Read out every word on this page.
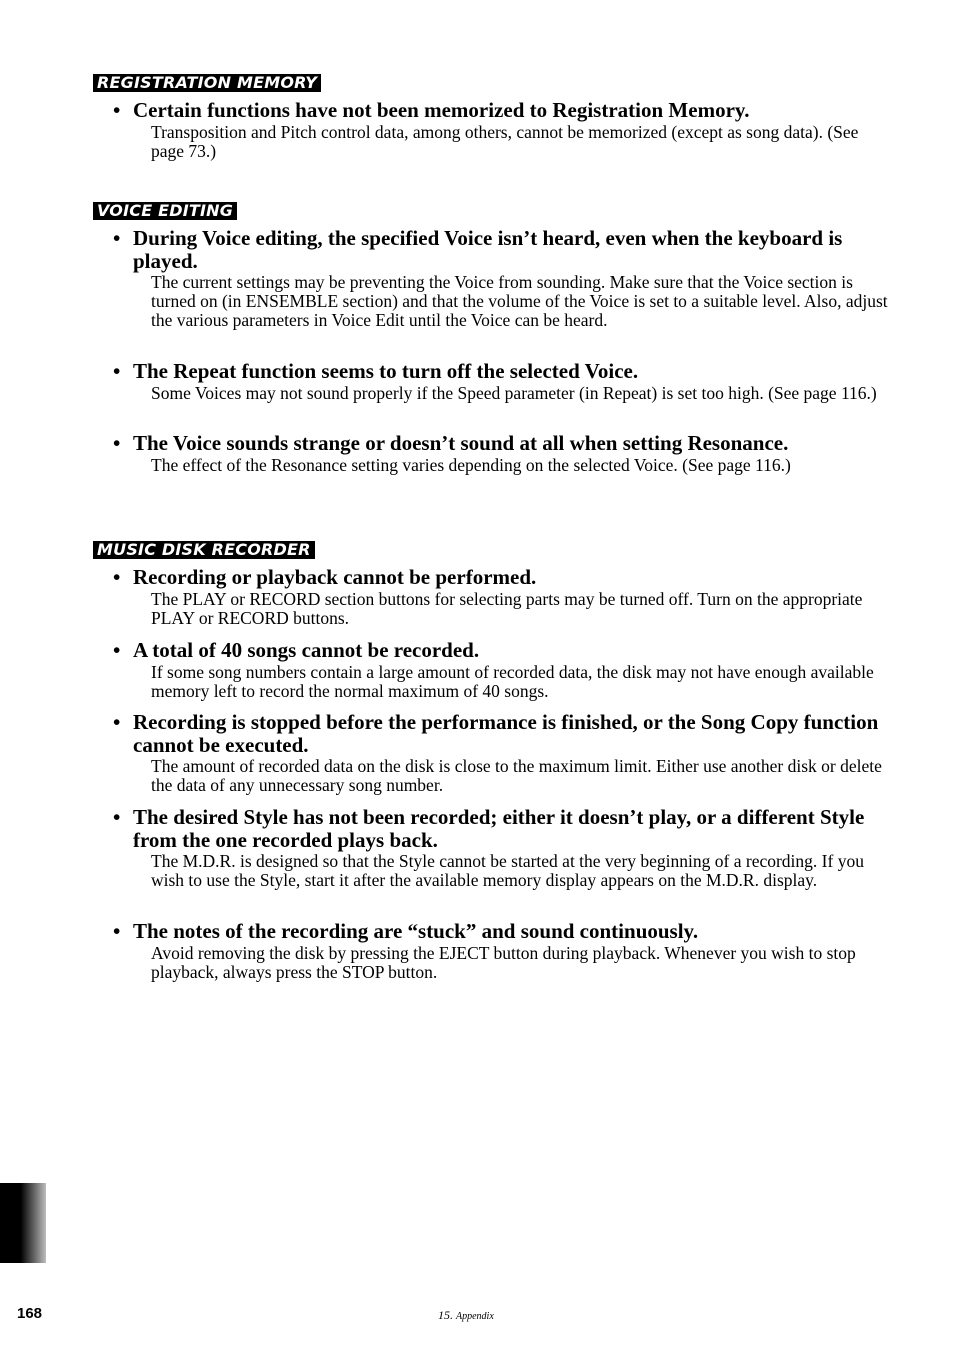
REGISTRATION MEMORY
• Certain functions have not been memorized to Registration Memory.
Transposition and Pitch control data, among others, cannot be memorized (except as song data). (See page 73.)
VOICE EDITING
• During Voice editing, the specified Voice isn’t heard, even when the keyboard is played.
The current settings may be preventing the Voice from sounding. Make sure that the Voice section is turned on (in ENSEMBLE section) and that the volume of the Voice is set to a suitable level. Also, adjust the various parameters in Voice Edit until the Voice can be heard.
• The Repeat function seems to turn off the selected Voice.
Some Voices may not sound properly if the Speed parameter (in Repeat) is set too high. (See page 116.)
• The Voice sounds strange or doesn’t sound at all when setting Resonance.
The effect of the Resonance setting varies depending on the selected Voice. (See page 116.)
MUSIC DISK RECORDER
• Recording or playback cannot be performed.
The PLAY or RECORD section buttons for selecting parts may be turned off. Turn on the appropriate PLAY or RECORD buttons.
• A total of 40 songs cannot be recorded.
If some song numbers contain a large amount of recorded data, the disk may not have enough available memory left to record the normal maximum of 40 songs.
• Recording is stopped before the performance is finished, or the Song Copy function cannot be executed.
The amount of recorded data on the disk is close to the maximum limit. Either use another disk or delete the data of any unnecessary song number.
• The desired Style has not been recorded; either it doesn’t play, or a different Style from the one recorded plays back.
The M.D.R. is designed so that the Style cannot be started at the very beginning of a recording. If you wish to use the Style, start it after the available memory display appears on the M.D.R. display.
• The notes of the recording are “stuck” and sound continuously.
Avoid removing the disk by pressing the EJECT button during playback. Whenever you wish to stop playback, always press the STOP button.
168	15. Appendix
